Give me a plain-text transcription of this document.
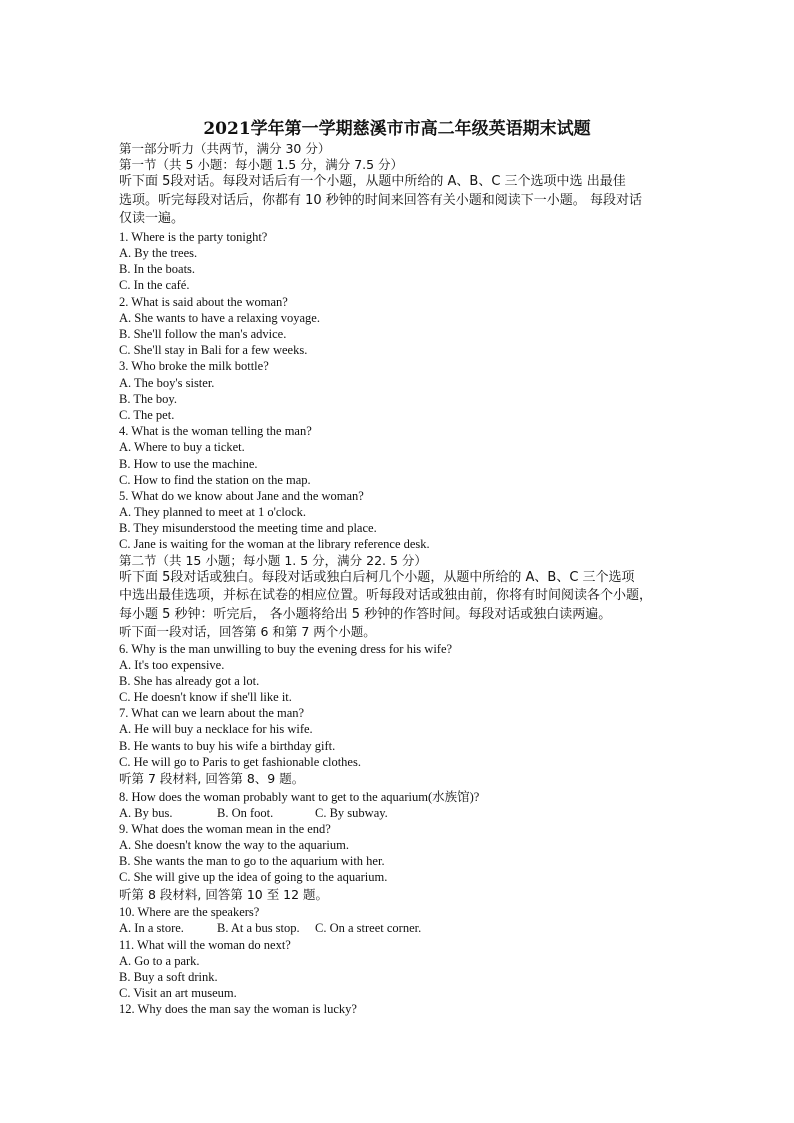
2021学年第一学期慈溪市市高二年级英语期末试题
第一部分听力（共两节，满分 30 分）
第一节（共 5 小题：每小题 1.5 分，满分 7.5 分）
听下面 5段对话。每段对话后有一个小题，从题中所给的 A、B、C 三个选项中选 出最佳
选项。听完每段对话后，你都有 10 秒钟的时间来回答有关小题和阅读下一小题。 每段对话
仅读一遍。
1. Where is the party tonight?
A. By the trees.
B. In the boats.
C. In the café.
2. What is said about the woman?
A. She wants to have a relaxing voyage.
B. She'll follow the man's advice.
C. She'll stay in Bali for a few weeks.
3. Who broke the milk bottle?
A. The boy's sister.
B. The boy.
C. The pet.
4. What is the woman telling the man?
A. Where to buy a ticket.
B. How to use the machine.
C. How to find the station on the map.
5. What do we know about Jane and the woman?
A. They planned to meet at 1 o'clock.
B. They misunderstood the meeting time and place.
C. Jane is waiting for the woman at the library reference desk.
第二节（共 15 小题；每小题 1. 5 分，满分 22. 5 分）
听下面 5段对话或独白。每段对话或独白后柯几个小题，从题中所给的 A、B、C 三个选项
中选出最佳选项，并标在试卷的相应位置。听每段对话或独由前，你将有时间阅读各个小题，
每小题 5 秒钟：听完后， 各小题将给出 5 秒钟的作答时间。每段对话或独白读两遍。
听下面一段对话，回答第 6 和第 7 两个小题。
6. Why is the man unwilling to buy the evening dress for his wife?
A. It's too expensive.
B. She has already got a lot.
C. He doesn't know if she'll like it.
7. What can we learn about the man?
A. He will buy a necklace for his wife.
B. He wants to buy his wife a birthday gift.
C. He will go to Paris to get fashionable clothes.
听第 7 段材料, 回答第 8、9 题。
8. How does the woman probably want to get to the aquarium(水族馆)?
A. By bus.	B. On foot.	C. By subway.
9. What does the woman mean in the end?
A. She doesn't know the way to the aquarium.
B. She wants the man to go to the aquarium with her.
C. She will give up the idea of going to the aquarium.
听第 8 段材料, 回答第 10 至 12 题。
10. Where are the speakers?
A. In a store.	B. At a bus stop. C. On a street corner.
11. What will the woman do next?
A. Go to a park.
B. Buy a soft drink.
C. Visit an art museum.
12. Why does the man say the woman is lucky?
